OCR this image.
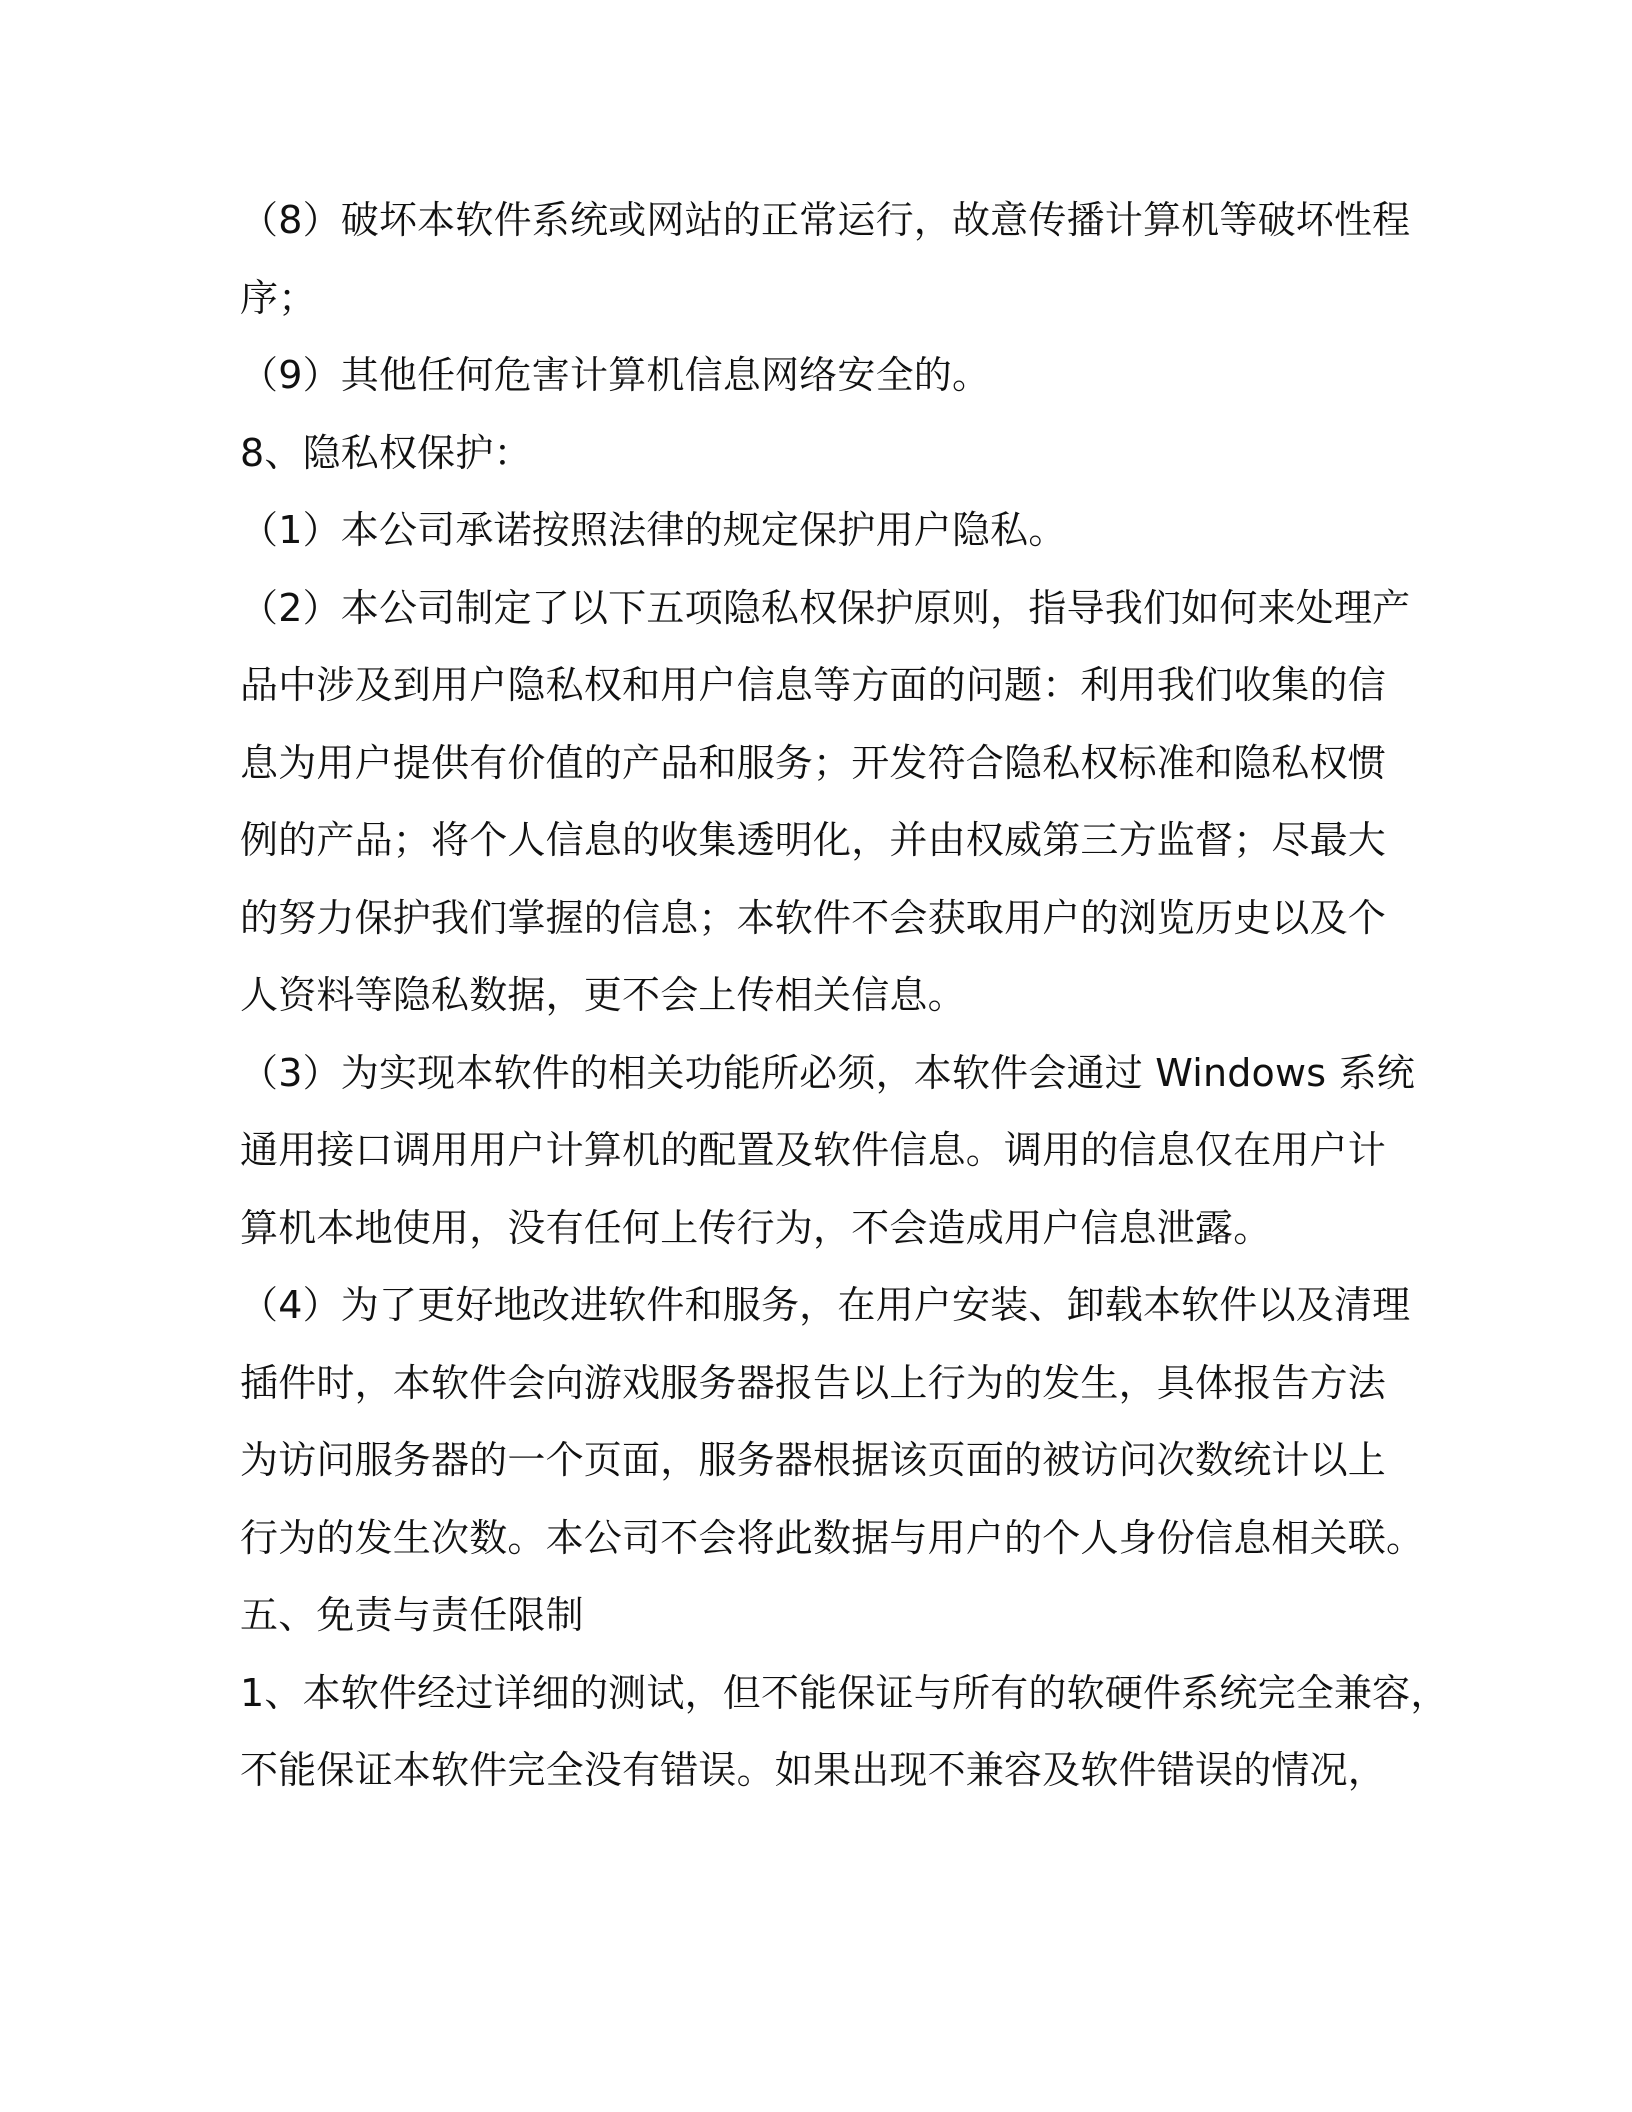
（8）破坏本软件系统或网站的正常运行，故意传播计算机等破坏性程
序；
（9）其他任何危害计算机信息网络安全的。
8、隐私权保护：
（1）本公司承诺按照法律的规定保护用户隐私。
（2）本公司制定了以下五项隐私权保护原则，指导我们如何来处理产
品中涉及到用户隐私权和用户信息等方面的问题：利用我们收集的信
息为用户提供有价值的产品和服务；开发符合隐私权标准和隐私权惯
例的产品；将个人信息的收集透明化，并由权威第三方监督；尽最大
的努力保护我们掌握的信息；本软件不会获取用户的浏览历史以及个
人资料等隐私数据，更不会上传相关信息。
（3）为实现本软件的相关功能所必须，本软件会通过 Windows 系统
通用接口调用用户计算机的配置及软件信息。调用的信息仅在用户计
算机本地使用，没有任何上传行为，不会造成用户信息泄露。
（4）为了更好地改进软件和服务，在用户安装、卸载本软件以及清理
插件时，本软件会向游戏服务器报告以上行为的发生，具体报告方法
为访问服务器的一个页面，服务器根据该页面的被访问次数统计以上
行为的发生次数。本公司不会将此数据与用户的个人身份信息相关联。
五、免责与责任限制
1、本软件经过详细的测试，但不能保证与所有的软硬件系统完全兼容，
不能保证本软件完全没有错误。如果出现不兼容及软件错误的情况，
